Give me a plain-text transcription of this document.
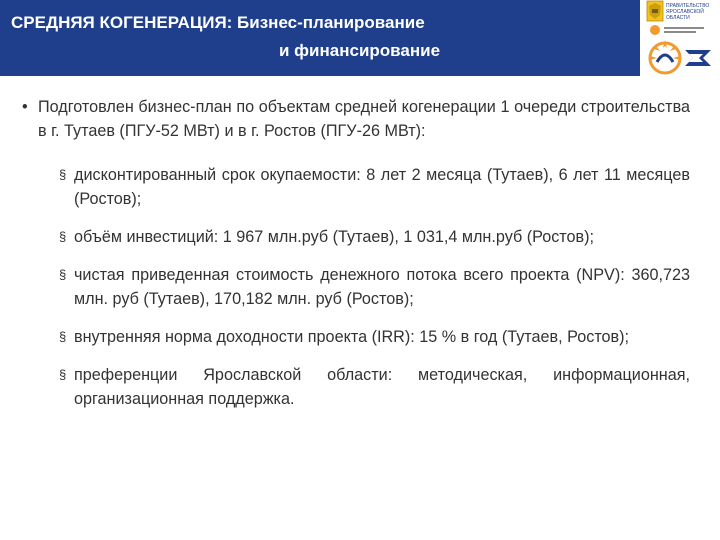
СРЕДНЯЯ КОГЕНЕРАЦИЯ: Бизнес-планирование
и финансирование
ПРАВИТЕЛЬСТВО
ЯРОСЛАВСКОЙ
ОБЛАСТИ
• Подготовлен бизнес-план по объектам средней когенерации 1 очереди строительства в г. Тутаев (ПГУ-52 МВт) и в г. Ростов (ПГУ-26 МВт):
§ дисконтированный срок окупаемости: 8 лет 2 месяца (Тутаев), 6 лет 11 месяцев (Ростов);
§ объём инвестиций: 1 967 млн.руб (Тутаев), 1 031,4 млн.руб (Ростов);
§ чистая приведенная стоимость денежного потока всего проекта (NPV): 360,723 млн. руб (Тутаев), 170,182 млн. руб (Ростов);
§ внутренняя норма доходности проекта (IRR): 15 % в год (Тутаев, Ростов);
§ преференции Ярославской области: методическая, информационная, организационная поддержка.
